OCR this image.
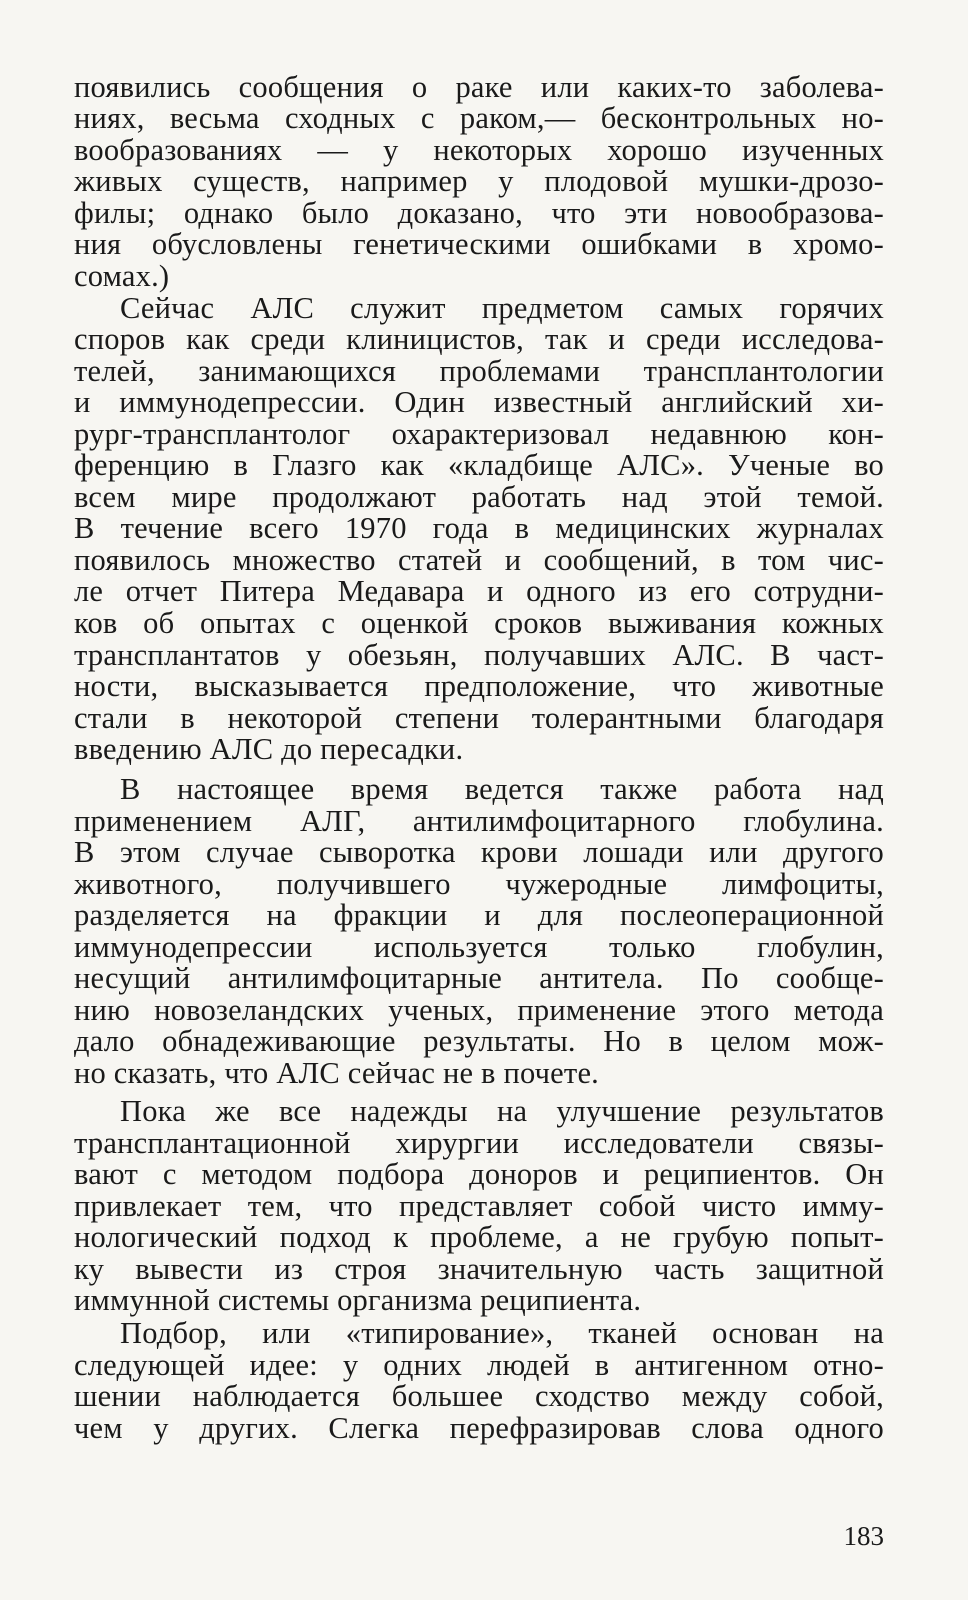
появились сообщения о раке или каких-то заболева-
ниях, весьма сходных с раком,— бесконтрольных но-
вообразованиях — у некоторых хорошо изученных
живых существ, например у плодовой мушки-дрозо-
филы; однако было доказано, что эти новообразова-
ния обусловлены генетическими ошибками в хромо-
сомах.)
Сейчас АЛС служит предметом самых горячих
споров как среди клиницистов, так и среди исследова-
телей, занимающихся проблемами трансплантологии
и иммунодепрессии. Один известный английский хи-
рург-трансплантолог охарактеризовал недавнюю кон-
ференцию в Глазго как «кладбище АЛС». Ученые во
всем мире продолжают работать над этой темой.
В течение всего 1970 года в медицинских журналах
появилось множество статей и сообщений, в том чис-
ле отчет Питера Медавара и одного из его сотрудни-
ков об опытах с оценкой сроков выживания кожных
трансплантатов у обезьян, получавших АЛС. В част-
ности, высказывается предположение, что животные
стали в некоторой степени толерантными благодаря
введению АЛС до пересадки.
В настоящее время ведется также работа над
применением АЛГ, антилимфоцитарного глобулина.
В этом случае сыворотка крови лошади или другого
животного, получившего чужеродные лимфоциты,
разделяется на фракции и для послеоперационной
иммунодепрессии используется только глобулин,
несущий антилимфоцитарные антитела. По сообще-
нию новозеландских ученых, применение этого метода
дало обнадеживающие результаты. Но в целом мож-
но сказать, что АЛС сейчас не в почете.
Пока же все надежды на улучшение результатов
трансплантационной хирургии исследователи связы-
вают с методом подбора доноров и реципиентов. Он
привлекает тем, что представляет собой чисто имму-
нологический подход к проблеме, а не грубую попыт-
ку вывести из строя значительную часть защитной
иммунной системы организма реципиента.
Подбор, или «типирование», тканей основан на
следующей идее: у одних людей в антигенном отно-
шении наблюдается большее сходство между собой,
чем у других. Слегка перефразировав слова одного
183
